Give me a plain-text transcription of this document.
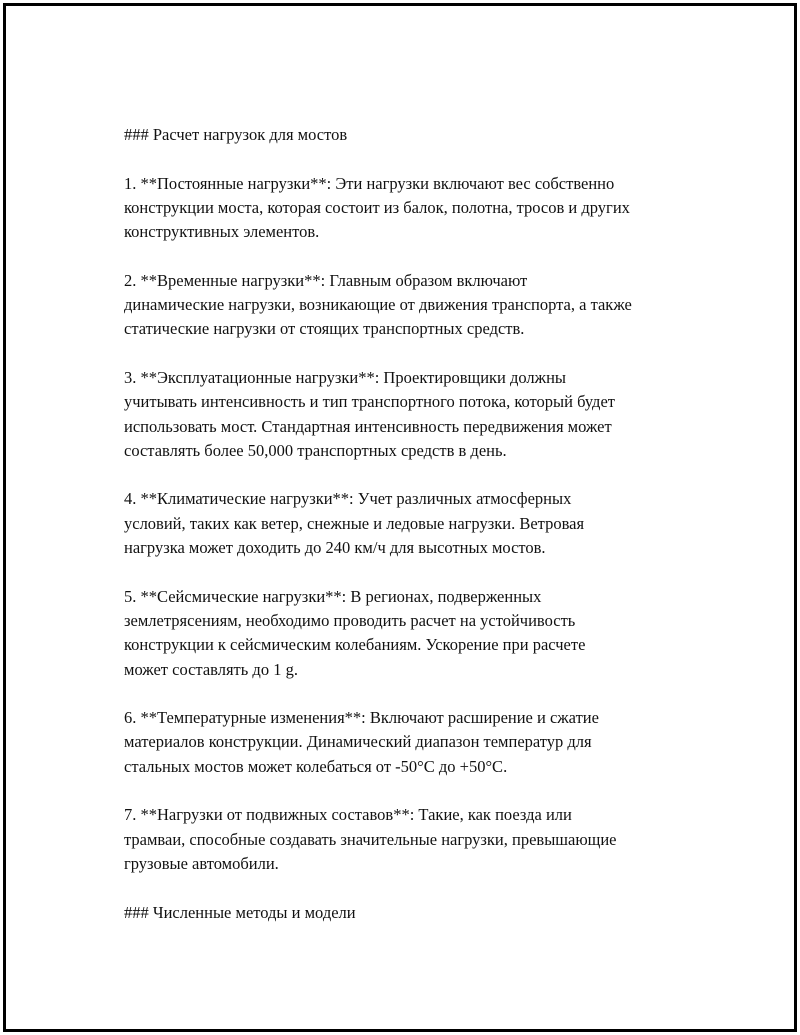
### Расчет нагрузок для мостов

1. **Постоянные нагрузки**: Эти нагрузки включают вес собственно
конструкции моста, которая состоит из балок, полотна, тросов и других
конструктивных элементов.

2. **Временные нагрузки**: Главным образом включают
динамические нагрузки, возникающие от движения транспорта, а также
статические нагрузки от стоящих транспортных средств.

3. **Эксплуатационные нагрузки**: Проектировщики должны
учитывать интенсивность и тип транспортного потока, который будет
использовать мост. Стандартная интенсивность передвижения может
составлять более 50,000 транспортных средств в день.

4. **Климатические нагрузки**: Учет различных атмосферных
условий, таких как ветер, снежные и ледовые нагрузки. Ветровая
нагрузка может доходить до 240 км/ч для высотных мостов.

5. **Сейсмические нагрузки**: В регионах, подверженных
землетрясениям, необходимо проводить расчет на устойчивость
конструкции к сейсмическим колебаниям. Ускорение при расчете
может составлять до 1 g.

6. **Температурные изменения**: Включают расширение и сжатие
материалов конструкции. Динамический диапазон температур для
стальных мостов может колебаться от -50°C до +50°C.

7. **Нагрузки от подвижных составов**: Такие, как поезда или
трамваи, способные создавать значительные нагрузки, превышающие
грузовые автомобили.

### Численные методы и модели
